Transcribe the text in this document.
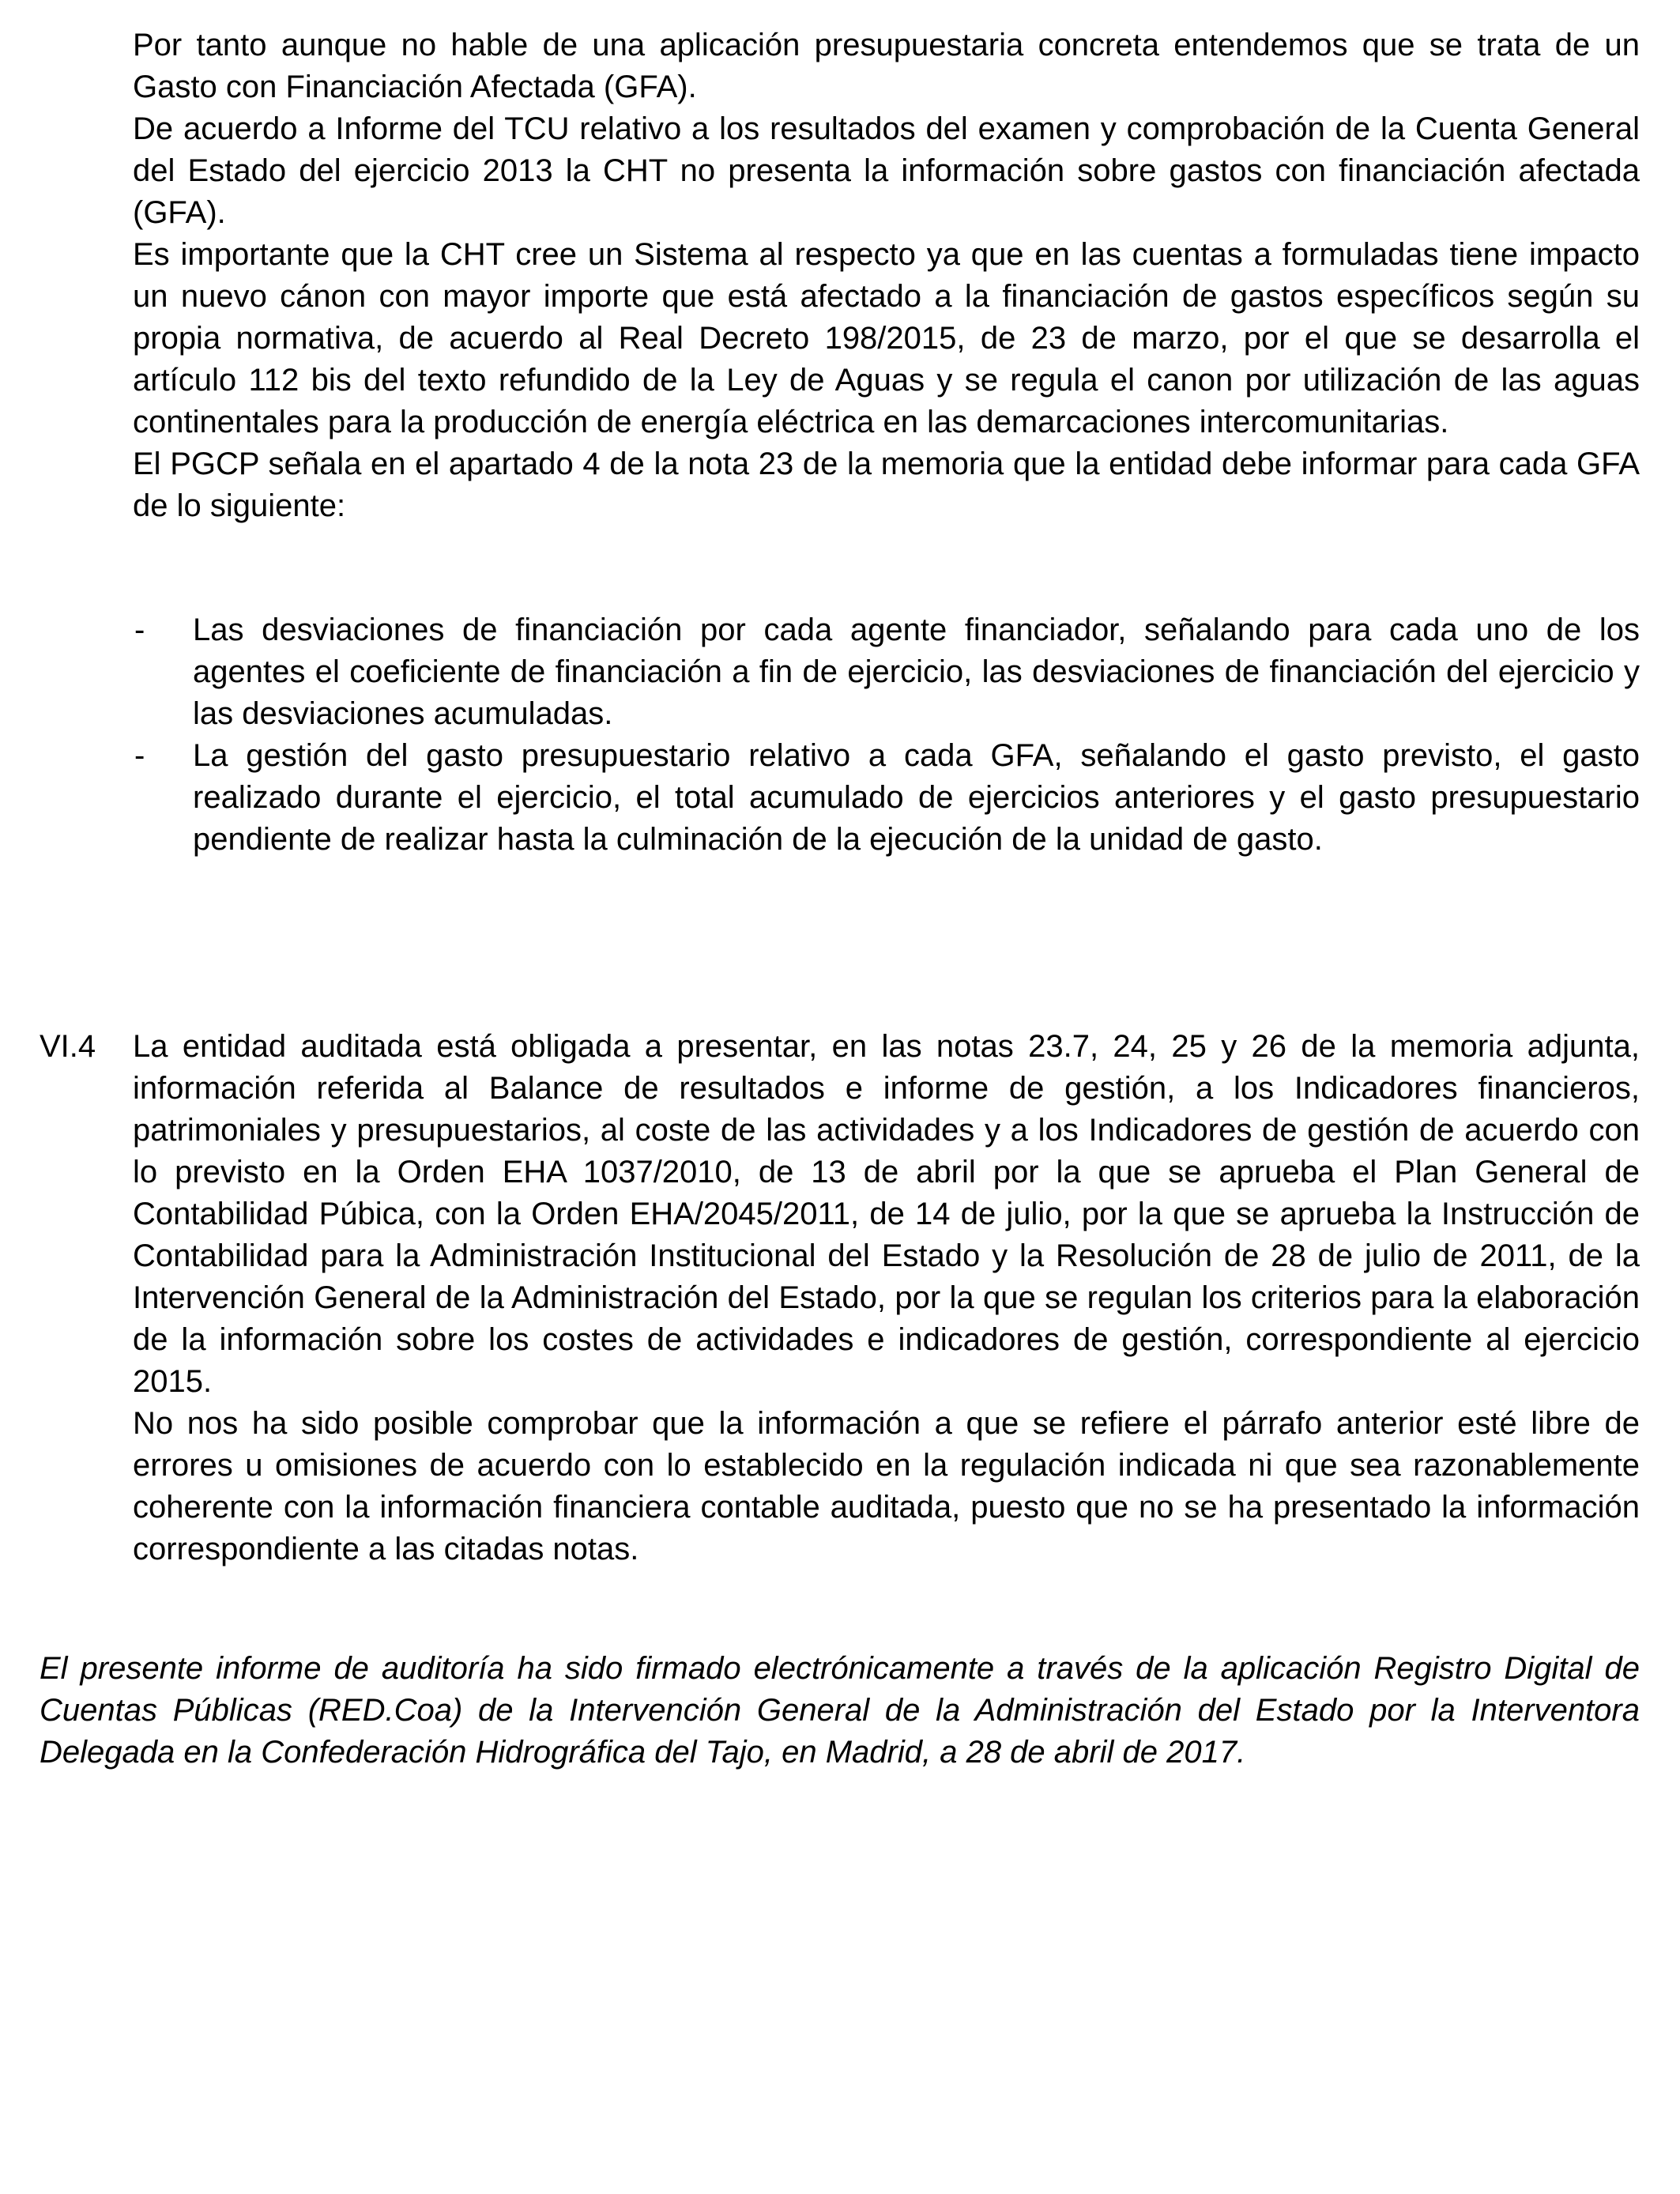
Por tanto aunque no hable de una aplicación presupuestaria concreta entendemos que se trata de un Gasto con Financiación Afectada (GFA).

De acuerdo a Informe del TCU relativo a los resultados del examen y comprobación de la Cuenta General del Estado del ejercicio 2013 la CHT no presenta la información sobre gastos con financiación afectada (GFA).

Es importante que la CHT cree un Sistema al respecto ya que en las cuentas a formuladas tiene impacto un nuevo cánon con mayor importe que está afectado a la financiación de gastos específicos según su propia normativa, de acuerdo al Real Decreto 198/2015, de 23 de marzo, por el que se desarrolla el artículo 112 bis del texto refundido de la Ley de Aguas y se regula el canon por utilización de las aguas continentales para la producción de energía eléctrica en las demarcaciones intercomunitarias.

El PGCP señala en el apartado 4 de la nota 23 de la memoria que la entidad debe informar para cada GFA de lo siguiente:

- Las desviaciones de financiación por cada agente financiador, señalando para cada uno de los agentes el coeficiente de financiación a fin de ejercicio, las desviaciones de financiación del ejercicio y las desviaciones acumuladas.
- La gestión del gasto presupuestario relativo a cada GFA, señalando el gasto previsto, el gasto realizado durante el ejercicio, el total acumulado de ejercicios anteriores y el gasto presupuestario pendiente de realizar hasta la culminación de la ejecución de la unidad de gasto.
VI.4 La entidad auditada está obligada a presentar, en las notas 23.7, 24, 25 y 26 de la memoria adjunta, información referida al Balance de resultados e informe de gestión, a los Indicadores financieros, patrimoniales y presupuestarios, al coste de las actividades y a los Indicadores de gestión de acuerdo con lo previsto en la Orden EHA 1037/2010, de 13 de abril por la que se aprueba el Plan General de Contabilidad Púbica, con la Orden EHA/2045/2011, de 14 de julio, por la que se aprueba la Instrucción de Contabilidad para la Administración Institucional del Estado y la Resolución de 28 de julio de 2011, de la Intervención General de la Administración del Estado, por la que se regulan los criterios para la elaboración de la información sobre los costes de actividades e indicadores de gestión, correspondiente al ejercicio 2015.

No nos ha sido posible comprobar que la información a que se refiere el párrafo anterior esté libre de errores u omisiones de acuerdo con lo establecido en la regulación indicada ni que sea razonablemente coherente con la información financiera contable auditada, puesto que no se ha presentado la información correspondiente a las citadas notas.

El presente informe de auditoría ha sido firmado electrónicamente a través de la aplicación Registro Digital de Cuentas Públicas (RED.Coa) de la Intervención General de la Administración del Estado por la Interventora Delegada en la Confederación Hidrográfica del Tajo, en Madrid, a 28 de abril de 2017.
